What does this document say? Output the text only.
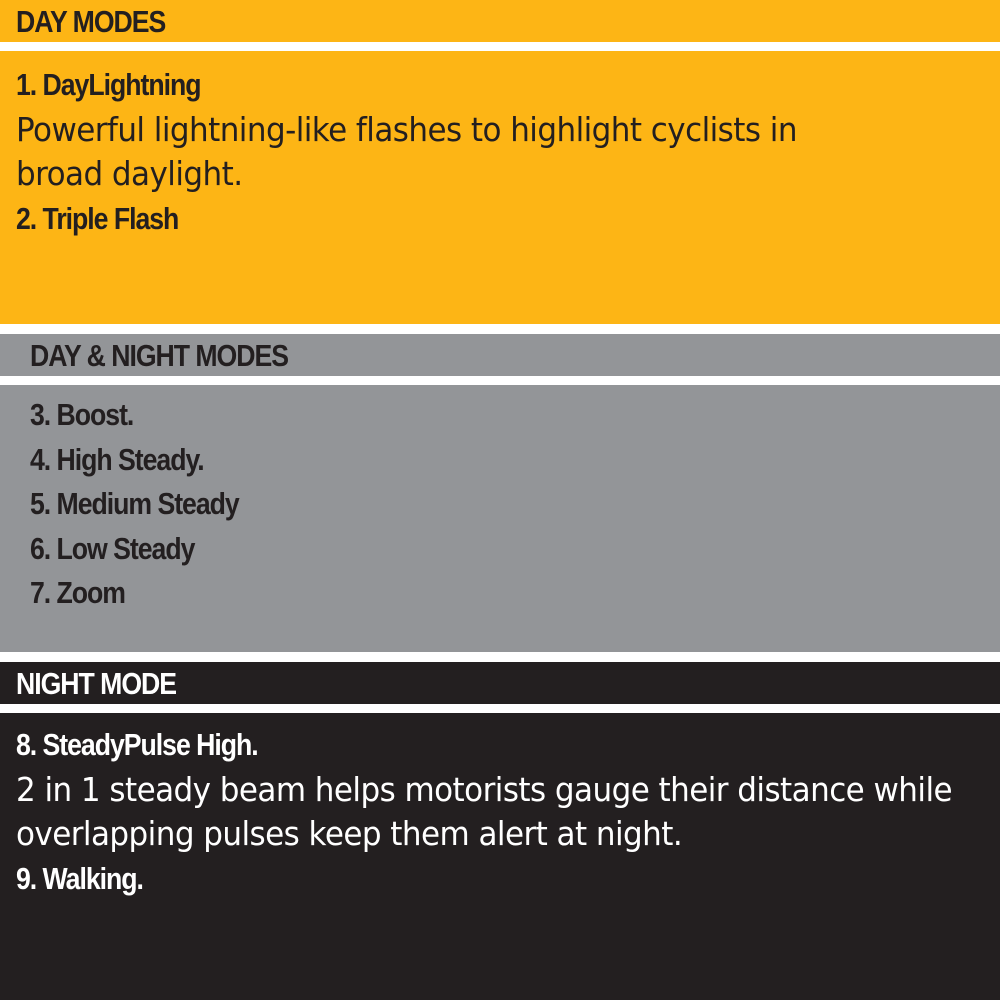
DAY MODES
1. DayLightning
Powerful lightning-like flashes to highlight cyclists in
broad daylight.
2. Triple Flash
DAY & NIGHT MODES
3. Boost.
4. High Steady.
5. Medium Steady
6. Low Steady
7. Zoom
NIGHT MODE
8. SteadyPulse High.
2 in 1 steady beam helps motorists gauge their distance while
overlapping pulses keep them alert at night.
9. Walking.
